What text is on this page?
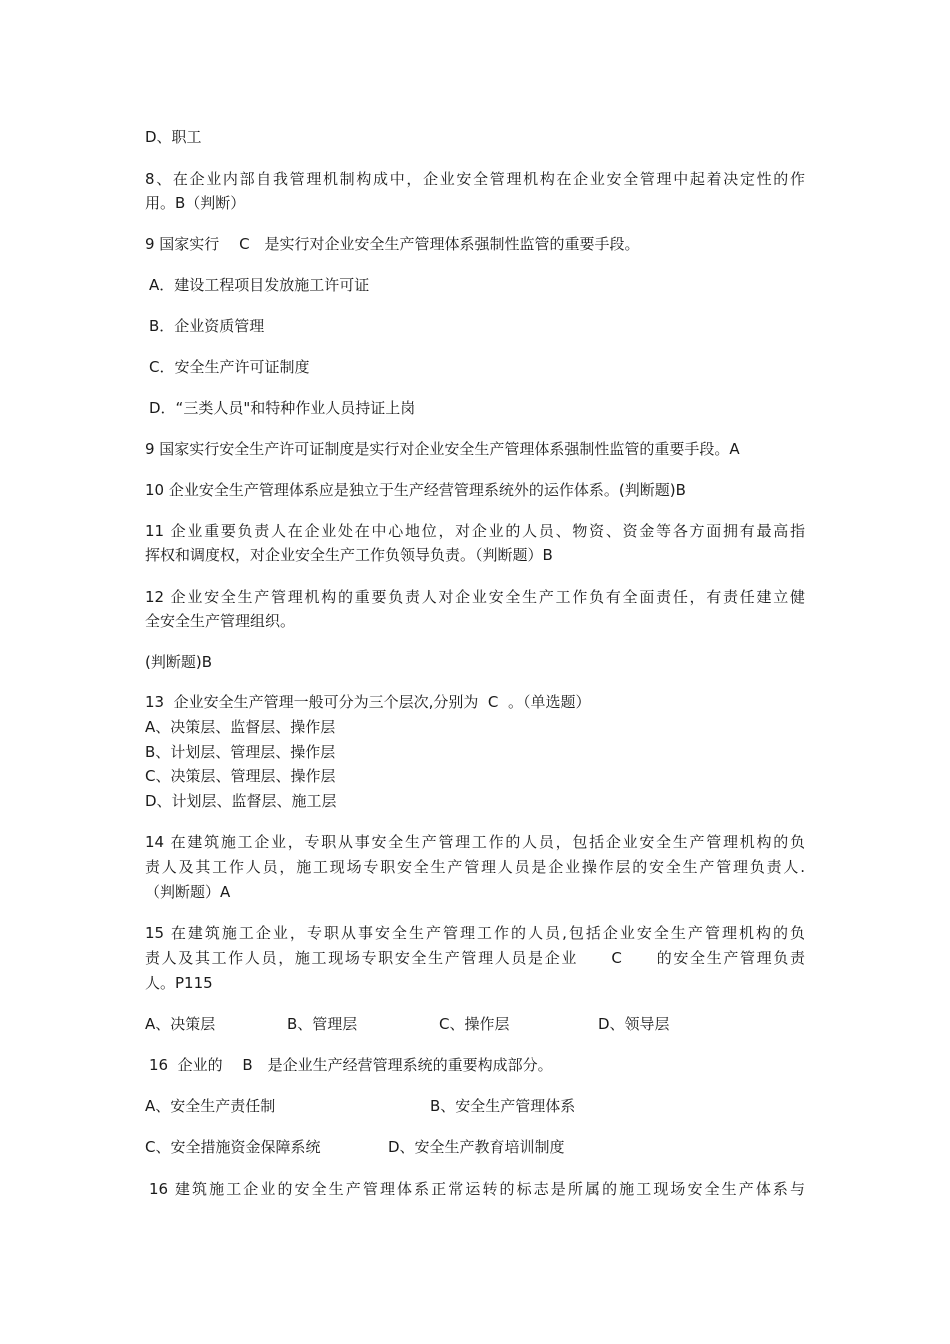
D、职工
8、在企业内部自我管理机制构成中，企业安全管理机构在企业安全管理中起着决定性的作
用。B（判断）
9 国家实行　 C　是实行对企业安全生产管理体系强制性监管的重要手段。
A．建设工程项目发放施工许可证
B．企业资质管理
C．安全生产许可证制度
D．“三类人员"和特种作业人员持证上岗
9 国家实行安全生产许可证制度是实行对企业安全生产管理体系强制性监管的重要手段。A
10 企业安全生产管理体系应是独立于生产经营管理系统外的运作体系。(判断题)B
11 企业重要负责人在企业处在中心地位，对企业的人员、物资、资金等各方面拥有最高指
挥权和调度权，对企业安全生产工作负领导负责。（判断题）B
12 企业安全生产管理机构的重要负责人对企业安全生产工作负有全面责任，有责任建立健
全安全生产管理组织。
(判断题)B
13  企业安全生产管理一般可分为三个层次,分别为  C  。（单选题）
A、决策层、监督层、操作层
B、计划层、管理层、操作层
C、决策层、管理层、操作层
D、计划层、监督层、施工层
14 在建筑施工企业，专职从事安全生产管理工作的人员，包括企业安全生产管理机构的负
责人及其工作人员，施工现场专职安全生产管理人员是企业操作层的安全生产管理负责人.
（判断题）A
15 在建筑施工企业，专职从事安全生产管理工作的人员,包括企业安全生产管理机构的负
责人及其工作人员，施工现场专职安全生产管理人员是企业　　C　　的安全生产管理负责
人。P115
A、决策层	B、管理层	C、操作层	D、领导层
16  企业的　 B　是企业生产经营管理系统的重要构成部分。
A、安全生产责任制	B、安全生产管理体系
C、安全措施资金保障系统	D、安全生产教育培训制度
16 建筑施工企业的安全生产管理体系正常运转的标志是所属的施工现场安全生产体系与
